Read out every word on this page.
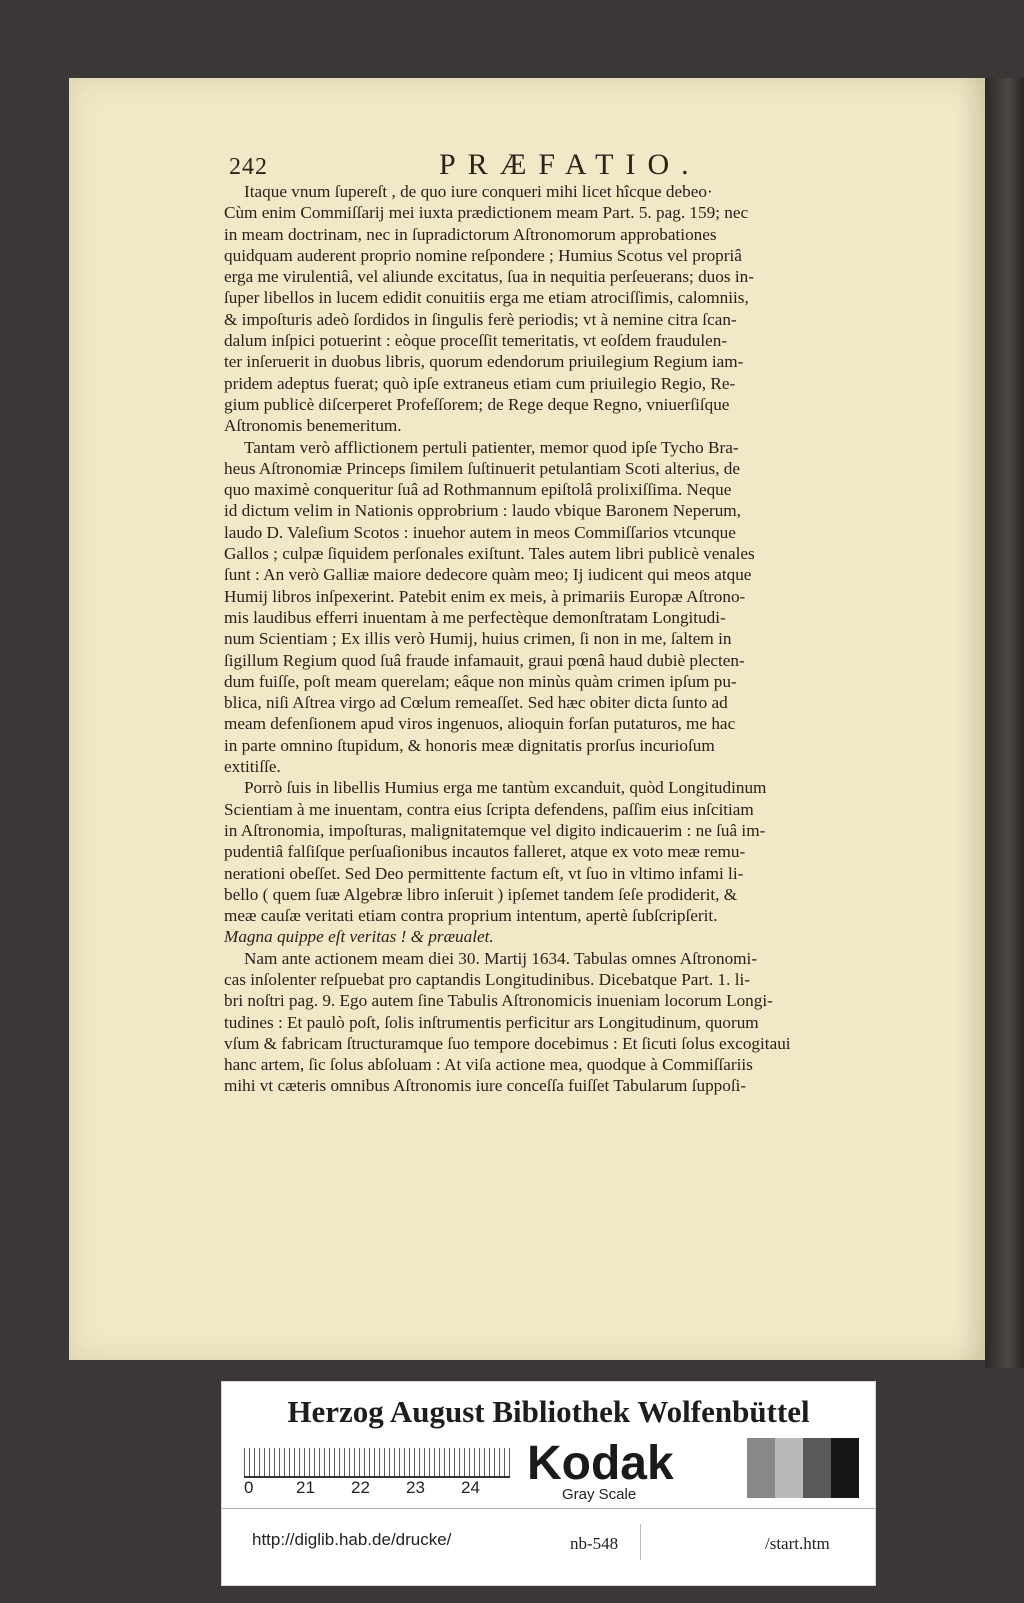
242	PRÆFATIO.

Itaque vnum ſupereſt , de quo iure conqueri mihi licet hîcque debeo·

Cùm enim Commiſſarij mei iuxta prædictionem meam Part. 5. pag. 159; nec

in meam doctrinam, nec in ſupradictorum Aſtronomorum approbationes

quidquam auderent proprio nomine reſpondere ; Humius Scotus vel propriâ

erga me virulentiâ, vel aliunde excitatus, ſua in nequitia perſeuerans; duos in-

ſuper libellos in lucem edidit conuitiis erga me etiam atrociſſimis, calomniis,

& impoſturis adeò ſordidos in ſingulis ferè periodis; vt à nemine citra ſcan-

dalum inſpici potuerint : eòque proceſſit temeritatis, vt eoſdem fraudulen-

ter inſeruerit in duobus libris, quorum edendorum priuilegium Regium iam-

pridem adeptus fuerat; quò ipſe extraneus etiam cum priuilegio Regio, Re-

gium publicè diſcerperet Profeſſorem; de Rege deque Regno, vniuerſiſque

Aſtronomis benemeritum.

Tantam verò afflictionem pertuli patienter, memor quod ipſe Tycho Bra-

heus Aſtronomiæ Princeps ſimilem ſuſtinuerit petulantiam Scoti alterius, de

quo maximè conqueritur ſuâ ad Rothmannum epiſtolâ prolixiſſima. Neque

id dictum velim in Nationis opprobrium : laudo vbique Baronem Neperum,

laudo D. Valeſium Scotos : inuehor autem in meos Commiſſarios vtcunque

Gallos ; culpæ ſiquidem perſonales exiſtunt. Tales autem libri publicè venales

ſunt : An verò Galliæ maiore dedecore quàm meo; Ij iudicent qui meos atque

Humij libros inſpexerint. Patebit enim ex meis, à primariis Europæ Aſtrono-

mis laudibus efferri inuentam à me perfectèque demonſtratam Longitudi-

num Scientiam ; Ex illis verò Humij, huius crimen, ſi non in me, ſaltem in

ſigillum Regium quod ſuâ fraude infamauit, graui pœnâ haud dubiè plecten-

dum fuiſſe, poſt meam querelam; eâque non minùs quàm crimen ipſum pu-

blica, niſi Aſtrea virgo ad Cœlum remeaſſet. Sed hæc obiter dicta ſunto ad

meam defenſionem apud viros ingenuos, alioquin forſan putaturos, me hac

in parte omnino ſtupidum, & honoris meæ dignitatis prorſus incurioſum

extitiſſe.

Porrò ſuis in libellis Humius erga me tantùm excanduit, quòd Longitudinum

Scientiam à me inuentam, contra eius ſcripta defendens, paſſim eius inſcitiam

in Aſtronomia, impoſturas, malignitatemque vel digito indicauerim : ne ſuâ im-

pudentiâ falſiſque perſuaſionibus incautos falleret, atque ex voto meæ remu-

nerationi obeſſet. Sed Deo permittente factum eſt, vt ſuo in vltimo infami li-

bello ( quem ſuæ Algebræ libro inſeruit ) ipſemet tandem ſeſe prodiderit, &

meæ cauſæ veritati etiam contra proprium intentum, apertè ſubſcripſerit.

Magna quippe eſt veritas ! & præualet.

Nam ante actionem meam diei 30. Martij 1634. Tabulas omnes Aſtronomi-

cas inſolenter reſpuebat pro captandis Longitudinibus. Dicebatque Part. 1. li-

bri noſtri pag. 9. Ego autem ſine Tabulis Aſtronomicis inueniam locorum Longi-

tudines : Et paulò poſt, ſolis inſtrumentis perficitur ars Longitudinum, quorum

vſum & fabricam ſtructuramque ſuo tempore docebimus : Et ſicuti ſolus excogitaui

hanc artem, ſic ſolus abſoluam : At viſa actione mea, quodque à Commiſſariis

mihi vt cæteris omnibus Aſtronomis iure conceſſa fuiſſet Tabularum ſuppoſi-

Herzog August Bibliothek Wolfenbüttel
0	21 22 23 24 Kodak
Gray Scale
http://diglib.hab.de/drucke/	nb-548	/start.htm
